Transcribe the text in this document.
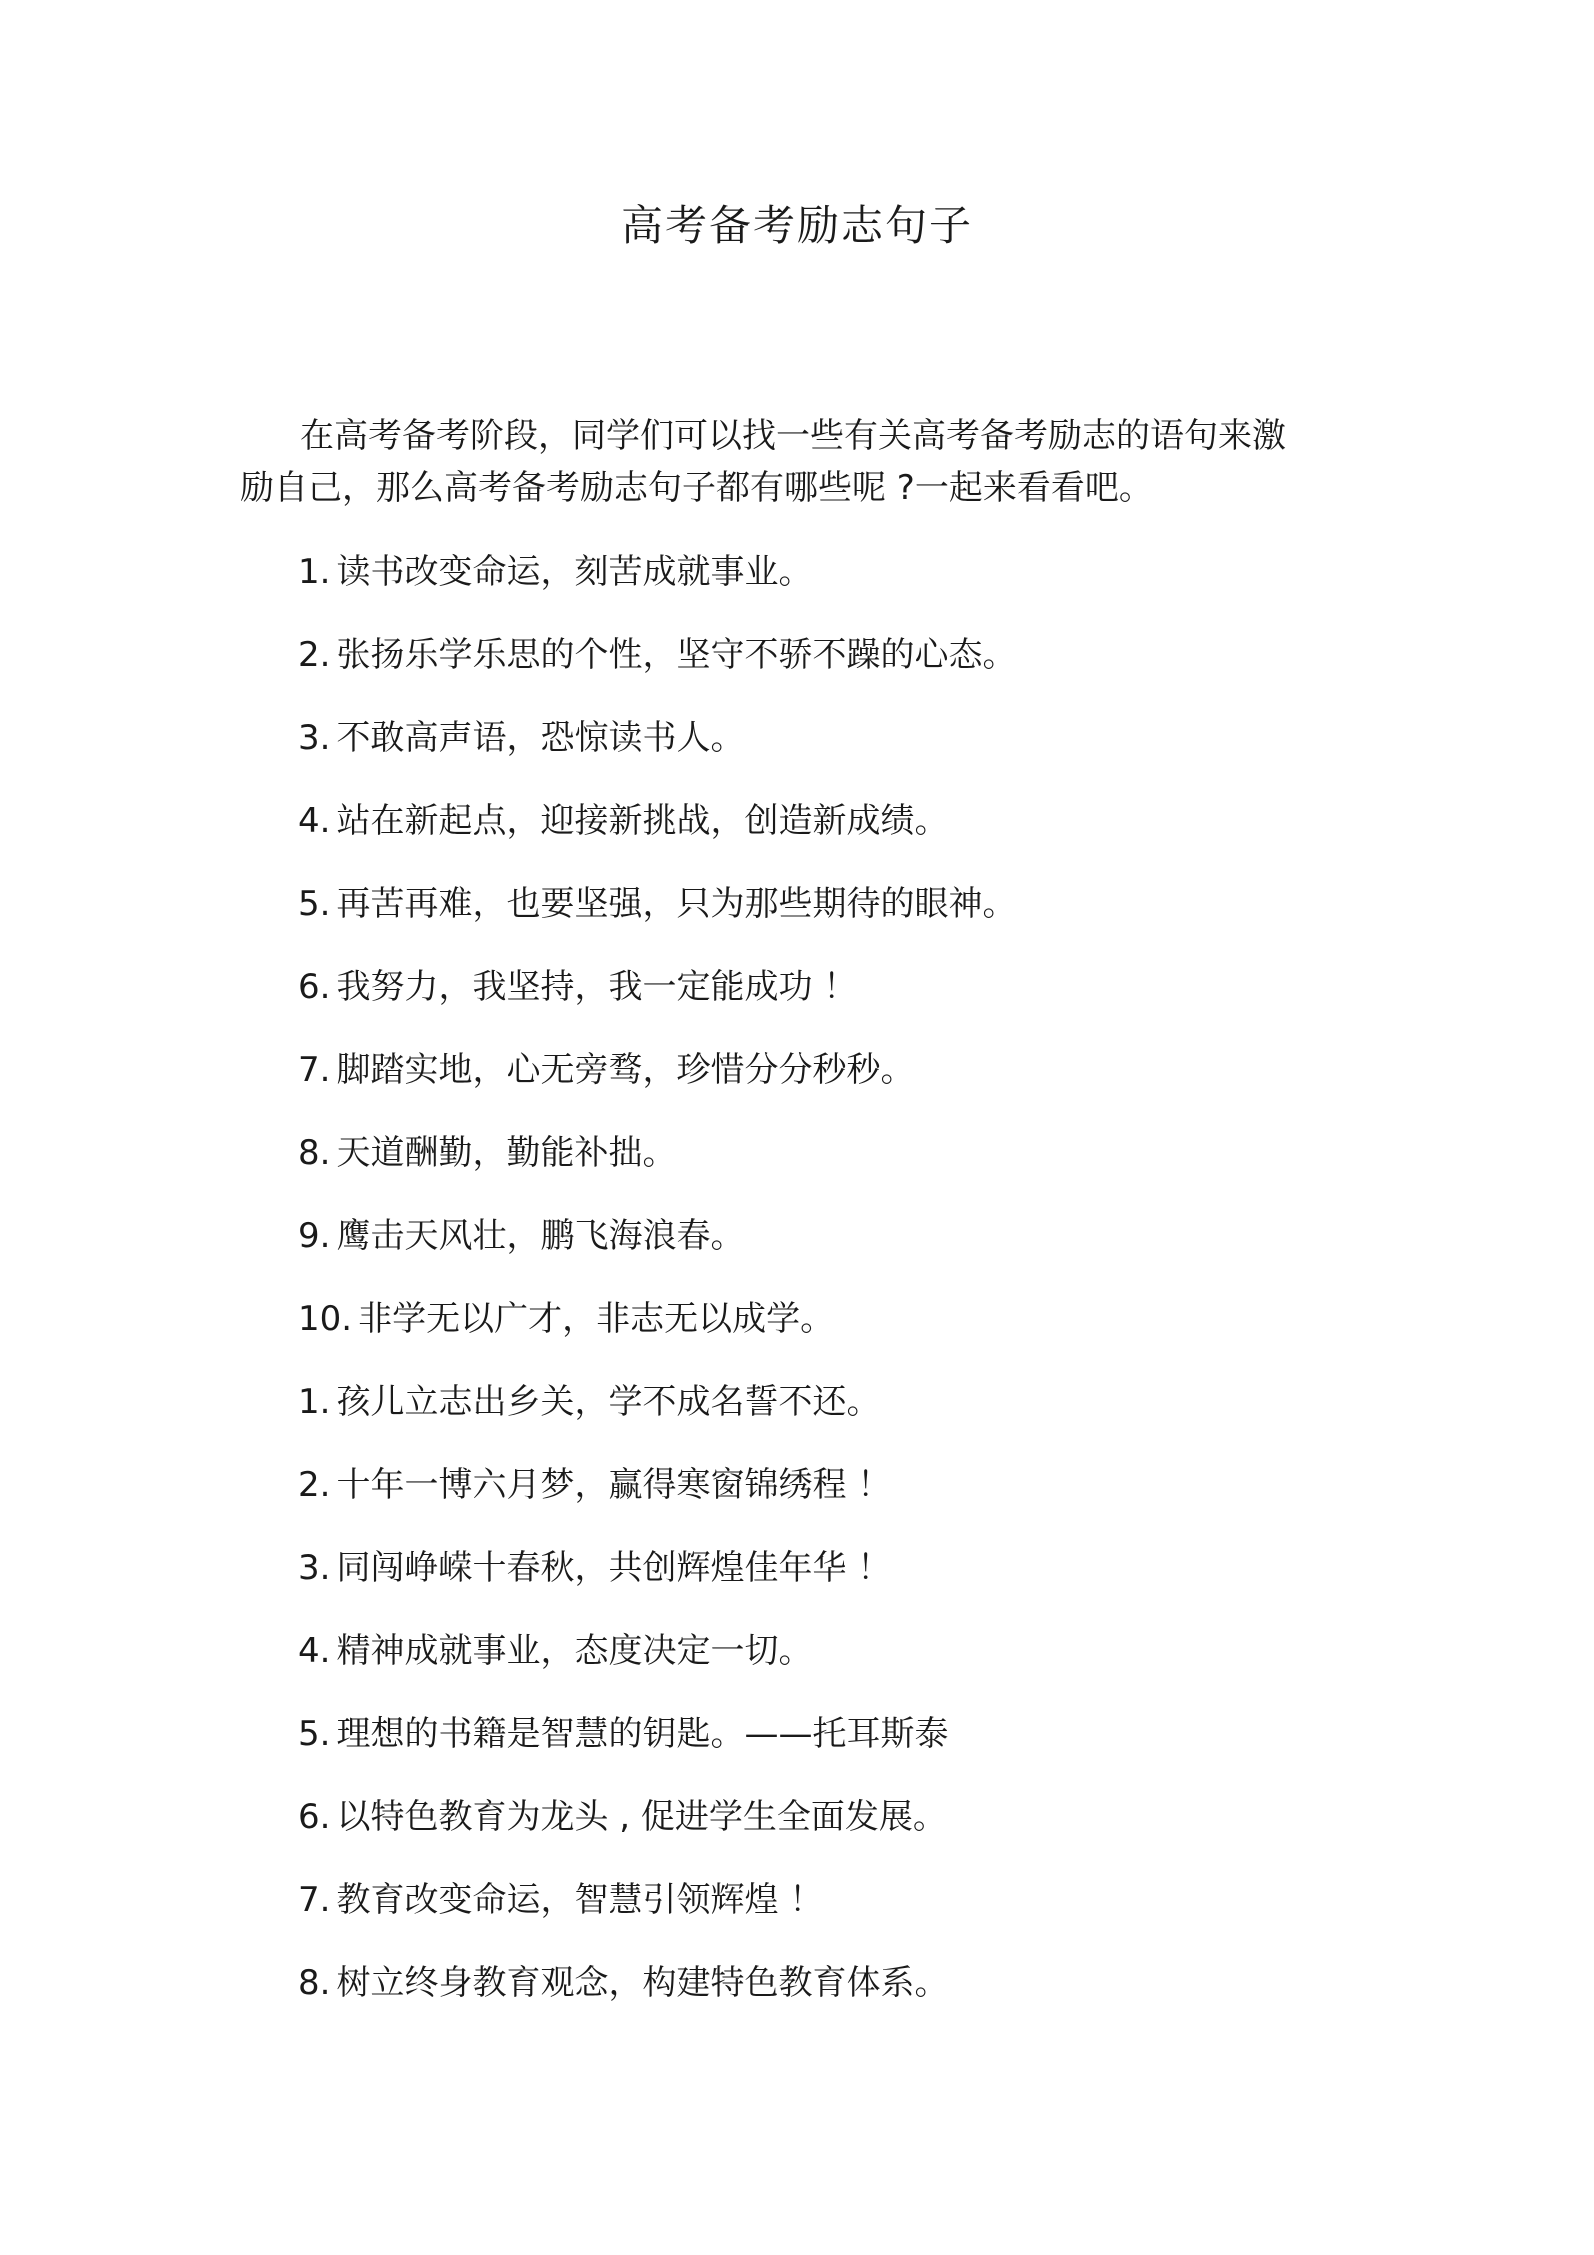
高考备考励志句子

在高考备考阶段，同学们可以找一些有关高考备考励志的语句来激励自己，那么高考备考励志句子都有哪些呢 ?一起来看看吧。

1. 读书改变命运，刻苦成就事业。
2. 张扬乐学乐思的个性，坚守不骄不躁的心态。
3. 不敢高声语，恐惊读书人。
4. 站在新起点，迎接新挑战，创造新成绩。
5. 再苦再难，也要坚强，只为那些期待的眼神。
6. 我努力，我坚持，我一定能成功 ！
7. 脚踏实地，心无旁骛，珍惜分分秒秒。
8. 天道酬勤，勤能补拙。
9. 鹰击天风壮，鹏飞海浪春。
10. 非学无以广才，非志无以成学。
1. 孩儿立志出乡关，学不成名誓不还。
2. 十年一博六月梦，赢得寒窗锦绣程 ！
3. 同闯峥嵘十春秋，共创辉煌佳年华 ！
4. 精神成就事业，态度决定一切。
5. 理想的书籍是智慧的钥匙。——托耳斯泰
6. 以特色教育为龙头 , 促进学生全面发展。
7. 教育改变命运，智慧引领辉煌 ！
8. 树立终身教育观念，构建特色教育体系。
